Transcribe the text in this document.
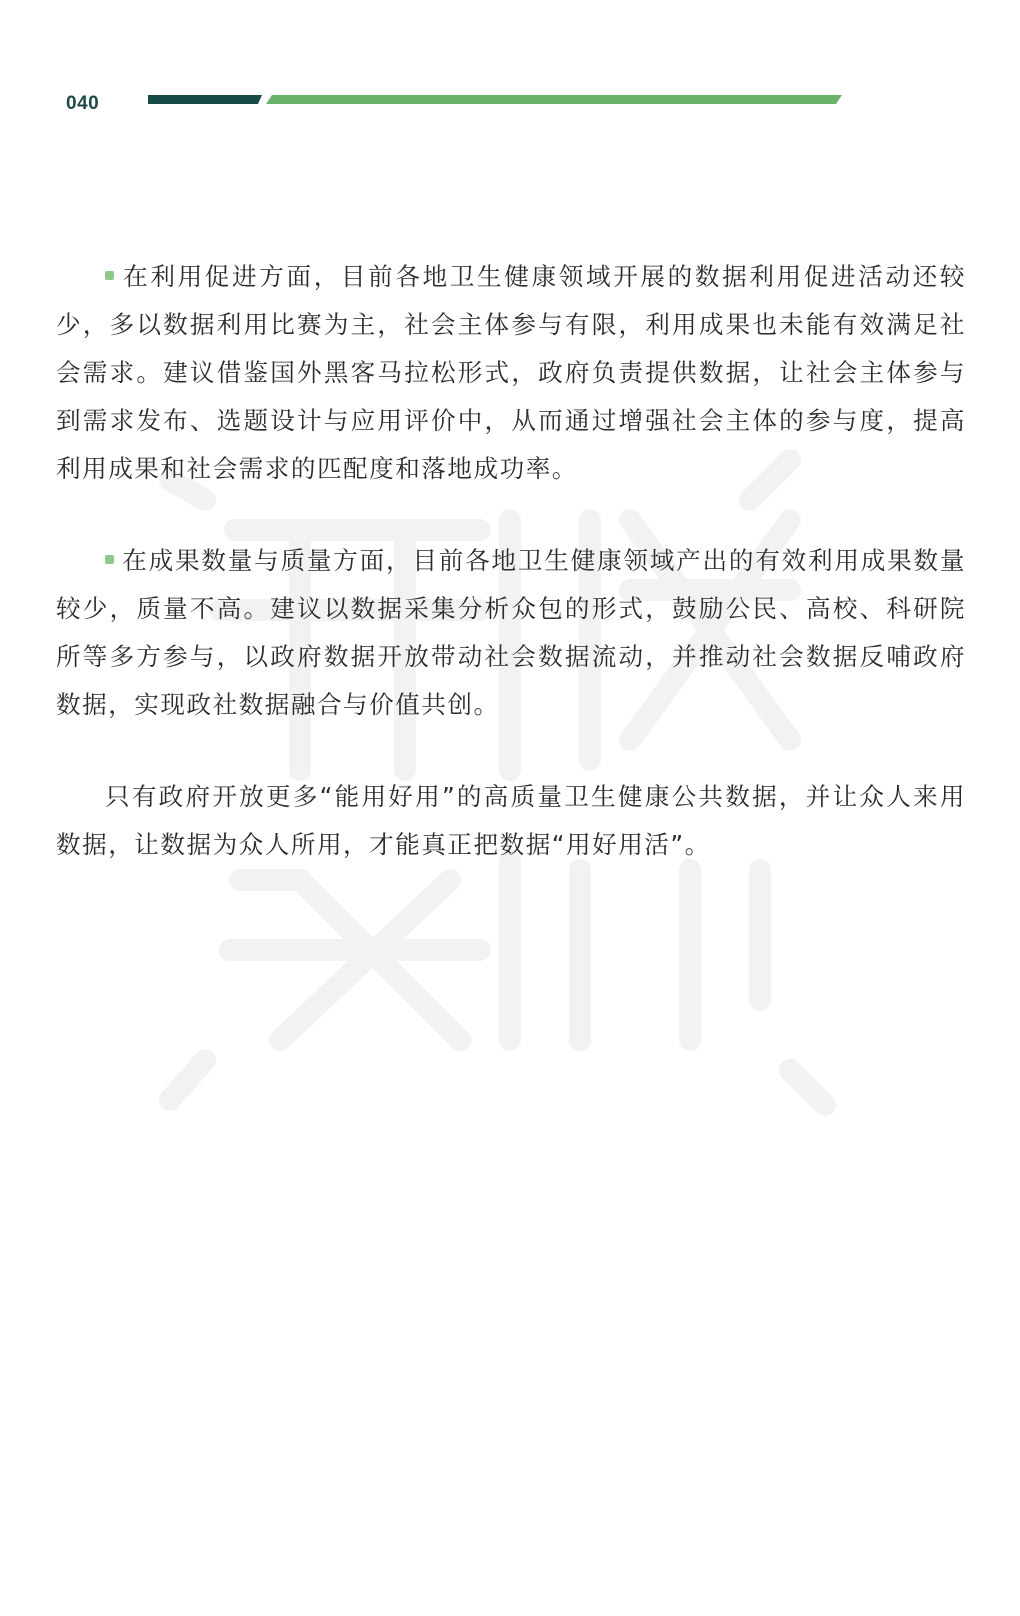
040

在利用促进方面，目前各地卫生健康领域开展的数据利用促进活动还较少，多以数据利用比赛为主，社会主体参与有限，利用成果也未能有效满足社会需求。建议借鉴国外黑客马拉松形式，政府负责提供数据，让社会主体参与到需求发布、选题设计与应用评价中，从而通过增强社会主体的参与度，提高利用成果和社会需求的匹配度和落地成功率。

在成果数量与质量方面，目前各地卫生健康领域产出的有效利用成果数量较少，质量不高。建议以数据采集分析众包的形式，鼓励公民、高校、科研院所等多方参与，以政府数据开放带动社会数据流动，并推动社会数据反哺政府数据，实现政社数据融合与价值共创。

只有政府开放更多“能用好用”的高质量卫生健康公共数据，并让众人来用数据，让数据为众人所用，才能真正把数据“用好用活”。
